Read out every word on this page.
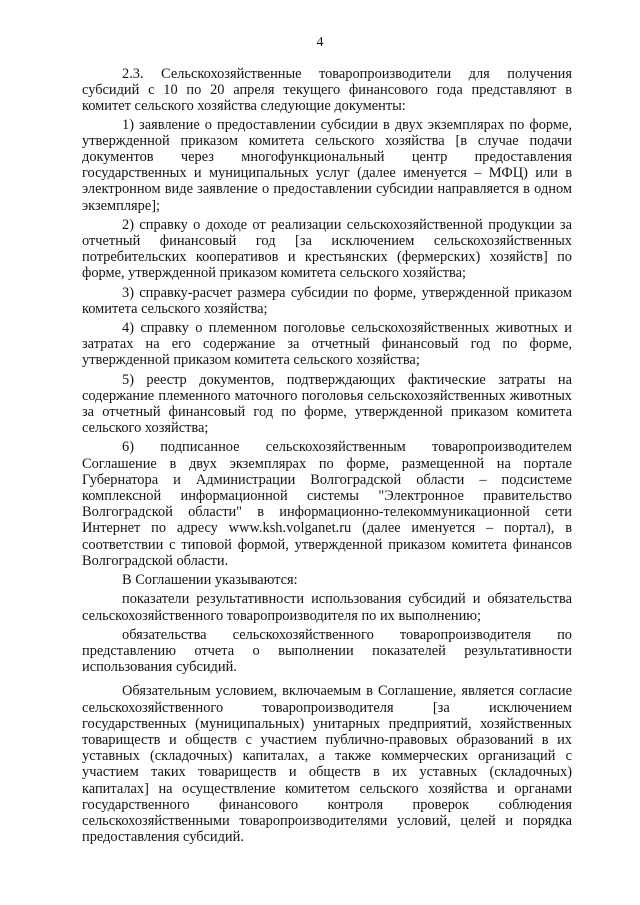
4

2.3. Сельскохозяйственные товаропроизводители для получения субсидий с 10 по 20 апреля текущего финансового года представляют в комитет сельского хозяйства следующие документы:

1) заявление о предоставлении субсидии в двух экземплярах по форме, утвержденной приказом комитета сельского хозяйства [в случае подачи документов через многофункциональный центр предоставления государственных и муниципальных услуг (далее именуется – МФЦ) или в электронном виде заявление о предоставлении субсидии направляется в одном экземпляре];

2) справку о доходе от реализации сельскохозяйственной продукции за отчетный финансовый год [за исключением сельскохозяйственных потребительских кооперативов и крестьянских (фермерских) хозяйств] по форме, утвержденной приказом комитета сельского хозяйства;

3) справку-расчет размера субсидии по форме, утвержденной приказом комитета сельского хозяйства;

4) справку о племенном поголовье сельскохозяйственных животных и затратах на его содержание за отчетный финансовый год по форме, утвержденной приказом комитета сельского хозяйства;

5) реестр документов, подтверждающих фактические затраты на содержание племенного маточного поголовья сельскохозяйственных животных за отчетный финансовый год по форме, утвержденной приказом комитета сельского хозяйства;

6) подписанное сельскохозяйственным товаропроизводителем Соглашение в двух экземплярах по форме, размещенной на портале Губернатора и Администрации Волгоградской области – подсистеме комплексной информационной системы "Электронное правительство Волгоградской области" в информационно-телекоммуникационной сети Интернет по адресу www.ksh.volganet.ru (далее именуется – портал), в соответствии с типовой формой, утвержденной приказом комитета финансов Волгоградской области.

В Соглашении указываются:

показатели результативности использования субсидий и обязательства сельскохозяйственного товаропроизводителя по их выполнению;

обязательства сельскохозяйственного товаропроизводителя по представлению отчета о выполнении показателей результативности использования субсидий.

Обязательным условием, включаемым в Соглашение, является согласие сельскохозяйственного товаропроизводителя [за исключением государственных (муниципальных) унитарных предприятий, хозяйственных товариществ и обществ с участием публично-правовых образований в их уставных (складочных) капиталах, а также коммерческих организаций с участием таких товариществ и обществ в их уставных (складочных) капиталах] на осуществление комитетом сельского хозяйства и органами государственного финансового контроля проверок соблюдения сельскохозяйственными товаропроизводителями условий, целей и порядка предоставления субсидий.
